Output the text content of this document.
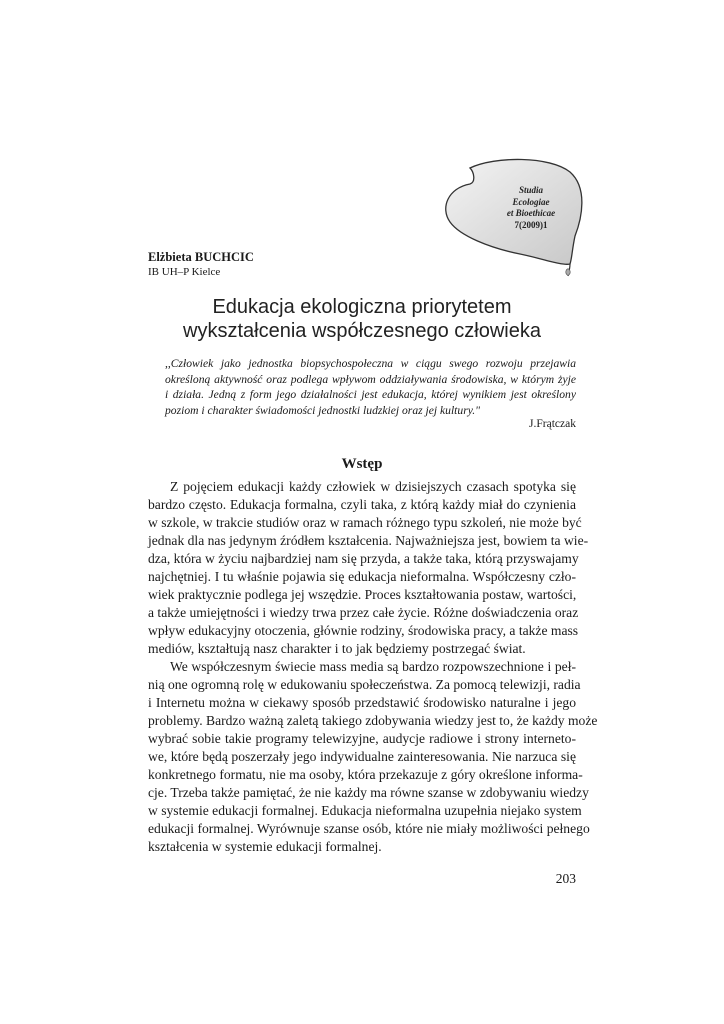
Studia
Ecologiae
et Bioethicae
7(2009)1
Elżbieta BUCHCIC
IB UH–P Kielce
Edukacja ekologiczna priorytetem
wykształcenia współczesnego człowieka
,,Człowiek jako jednostka biopsychospołeczna w ciągu swego rozwoju przejawia
określoną aktywność oraz podlega wpływom oddziaływania środowiska, w którym żyje
i działa. Jedną z form jego działalności jest edukacja, której wynikiem jest określony
poziom i charakter świadomości jednostki ludzkiej oraz jej kultury."
J.Frątczak
Wstęp
Z pojęciem edukacji każdy człowiek w dzisiejszych czasach spotyka się
bardzo często. Edukacja formalna, czyli taka, z którą każdy miał do czynienia
w szkole, w trakcie studiów oraz w ramach różnego typu szkoleń, nie może być
jednak dla nas jedynym źródłem kształcenia. Najważniejsza jest, bowiem ta wie-
dza, która w życiu najbardziej nam się przyda, a także taka, którą przyswajamy
najchętniej. I tu właśnie pojawia się edukacja nieformalna. Współczesny czło-
wiek praktycznie podlega jej wszędzie. Proces kształtowania postaw, wartości,
a także umiejętności i wiedzy trwa przez całe życie. Różne doświadczenia oraz
wpływ edukacyjny otoczenia, głównie rodziny, środowiska pracy, a także mass
mediów, kształtują nasz charakter i to jak będziemy postrzegać świat.
We współczesnym świecie mass media są bardzo rozpowszechnione i peł-
nią one ogromną rolę w edukowaniu społeczeństwa. Za pomocą telewizji, radia
i Internetu można w ciekawy sposób przedstawić środowisko naturalne i jego
problemy. Bardzo ważną zaletą takiego zdobywania wiedzy jest to, że każdy może
wybrać sobie takie programy telewizyjne, audycje radiowe i strony interneto-
we, które będą poszerzały jego indywidualne zainteresowania. Nie narzuca się
konkretnego formatu, nie ma osoby, która przekazuje z góry określone informa-
cje. Trzeba także pamiętać, że nie każdy ma równe szanse w zdobywaniu wiedzy
w systemie edukacji formalnej. Edukacja nieformalna uzupełnia niejako system
edukacji formalnej. Wyrównuje szanse osób, które nie miały możliwości pełnego
kształcenia w systemie edukacji formalnej.
203
